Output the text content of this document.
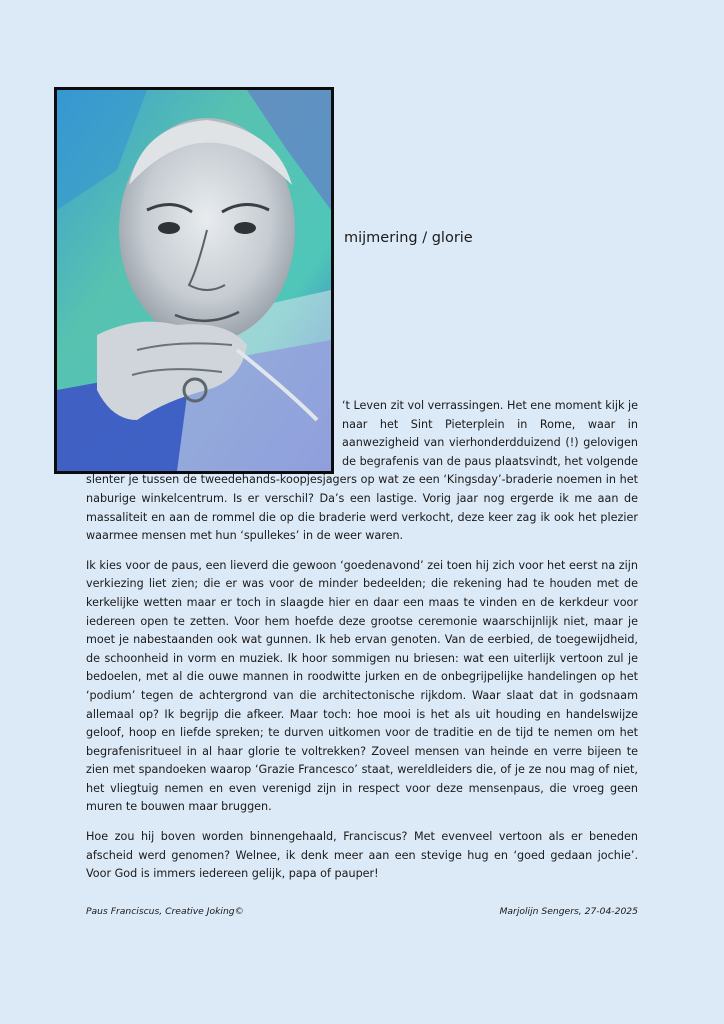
mijmering / glorie

‘t Leven zit vol verrassingen. Het ene moment kijk je naar het Sint Pieterplein in Rome, waar in aanwezigheid van vierhonderdduizend (!) gelovigen de begrafenis van de paus plaatsvindt, het volgende slenter je tussen de tweedehands-koopjesjagers op wat ze een ‘Kingsday’-braderie noemen in het naburige winkelcentrum. Is er verschil? Da’s een lastige. Vorig jaar nog ergerde ik me aan de massaliteit en aan de rommel die op die braderie werd verkocht, deze keer zag ik ook het plezier waarmee mensen met hun ‘spullekes’ in de weer waren.

Ik kies voor de paus, een lieverd die gewoon ‘goedenavond’ zei toen hij zich voor het eerst na zijn verkiezing liet zien; die er was voor de minder bedeelden; die rekening had te houden met de kerkelijke wetten maar er toch in slaagde hier en daar een maas te vinden en de kerkdeur voor iedereen open te zetten. Voor hem hoefde deze grootse ceremonie waarschijnlijk niet, maar je moet je nabestaanden ook wat gunnen. Ik heb ervan genoten. Van de eerbied, de toegewijdheid, de schoonheid in vorm en muziek. Ik hoor sommigen nu briesen: wat een uiterlijk vertoon zul je bedoelen, met al die ouwe mannen in roodwitte jurken en de onbegrijpelijke handelingen op het ‘podium’ tegen de achtergrond van die architectonische rijkdom. Waar slaat dat in godsnaam allemaal op? Ik begrijp die afkeer. Maar toch: hoe mooi is het als uit houding en handelswijze geloof, hoop en liefde spreken; te durven uitkomen voor de traditie en de tijd te nemen om het begrafenisritueel in al haar glorie te voltrekken? Zoveel mensen van heinde en verre bijeen te zien met spandoeken waarop ‘Grazie Francesco’ staat, wereldleiders die, of je ze nou mag of niet, het vliegtuig nemen en even verenigd zijn in respect voor deze mensenpaus, die vroeg geen muren te bouwen maar bruggen.

Hoe zou hij boven worden binnengehaald, Franciscus? Met evenveel vertoon als er beneden afscheid werd genomen? Welnee, ik denk meer aan een stevige hug en ‘goed gedaan jochie’. Voor God is immers iedereen gelijk, papa of pauper!

Paus Franciscus, Creative Joking©	Marjolijn Sengers, 27-04-2025
